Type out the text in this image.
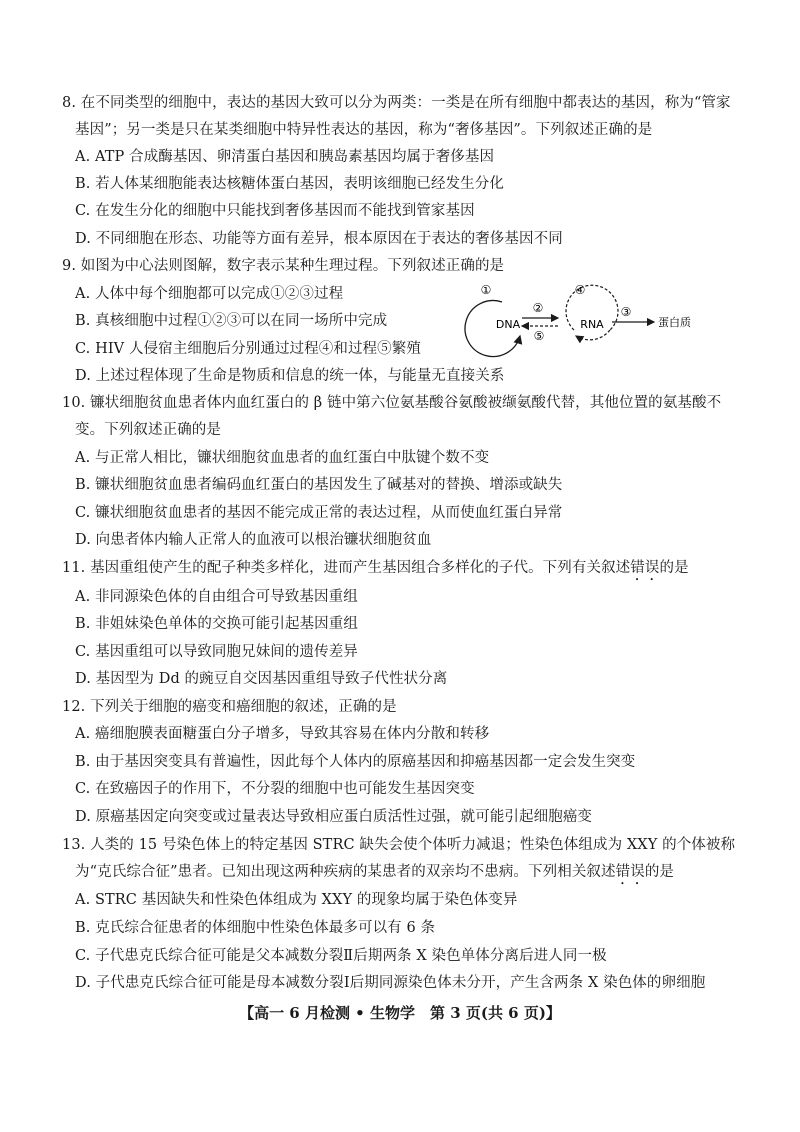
8. 在不同类型的细胞中，表达的基因大致可以分为两类：一类是在所有细胞中都表达的基因，称为“管家
基因”；另一类是只在某类细胞中特异性表达的基因，称为“奢侈基因”。下列叙述正确的是
A. ATP 合成酶基因、卵清蛋白基因和胰岛素基因均属于奢侈基因
B. 若人体某细胞能表达核糖体蛋白基因，表明该细胞已经发生分化
C. 在发生分化的细胞中只能找到奢侈基因而不能找到管家基因
D. 不同细胞在形态、功能等方面有差异，根本原因在于表达的奢侈基因不同
9. 如图为中心法则图解，数字表示某种生理过程。下列叙述正确的是
A. 人体中每个细胞都可以完成①②③过程
B. 真核细胞中过程①②③可以在同一场所中完成
C. HIV 人侵宿主细胞后分别通过过程④和过程⑤繁殖
D. 上述过程体现了生命是物质和信息的统一体，与能量无直接关系
①
DNA
②
⑤
④
RNA
③
蛋白质
10. 镰状细胞贫血患者体内血红蛋白的 β 链中第六位氨基酸谷氨酸被缬氨酸代替，其他位置的氨基酸不
变。下列叙述正确的是
A. 与正常人相比，镰状细胞贫血患者的血红蛋白中肽键个数不变
B. 镰状细胞贫血患者编码血红蛋白的基因发生了碱基对的替换、增添或缺失
C. 镰状细胞贫血患者的基因不能完成正常的表达过程，从而使血红蛋白异常
D. 向患者体内输人正常人的血液可以根治镰状细胞贫血
11. 基因重组使产生的配子种类多样化，进而产生基因组合多样化的子代。下列有关叙述错误的是
A. 非同源染色体的自由组合可导致基因重组
B. 非姐妹染色单体的交换可能引起基因重组
C. 基因重组可以导致同胞兄妹间的遗传差异
D. 基因型为 Dd 的豌豆自交因基因重组导致子代性状分离
12. 下列关于细胞的癌变和癌细胞的叙述，正确的是
A. 癌细胞膜表面糖蛋白分子增多，导致其容易在体内分散和转移
B. 由于基因突变具有普遍性，因此每个人体内的原癌基因和抑癌基因都一定会发生突变
C. 在致癌因子的作用下，不分裂的细胞中也可能发生基因突变
D. 原癌基因定向突变或过量表达导致相应蛋白质活性过强，就可能引起细胞癌变
13. 人类的 15 号染色体上的特定基因 STRC 缺失会使个体听力减退；性染色体组成为 XXY 的个体被称
为“克氏综合征”患者。已知出现这两种疾病的某患者的双亲均不患病。下列相关叙述错误的是
A. STRC 基因缺失和性染色体组成为 XXY 的现象均属于染色体变异
B. 克氏综合征患者的体细胞中性染色体最多可以有 6 条
C. 子代患克氏综合征可能是父本减数分裂Ⅱ后期两条 X 染色单体分离后进人同一极
D. 子代患克氏综合征可能是母本减数分裂Ⅰ后期同源染色体未分开，产生含两条 X 染色体的卵细胞
【高一 6 月检测 • 生物学　第 3 页(共 6 页)】
